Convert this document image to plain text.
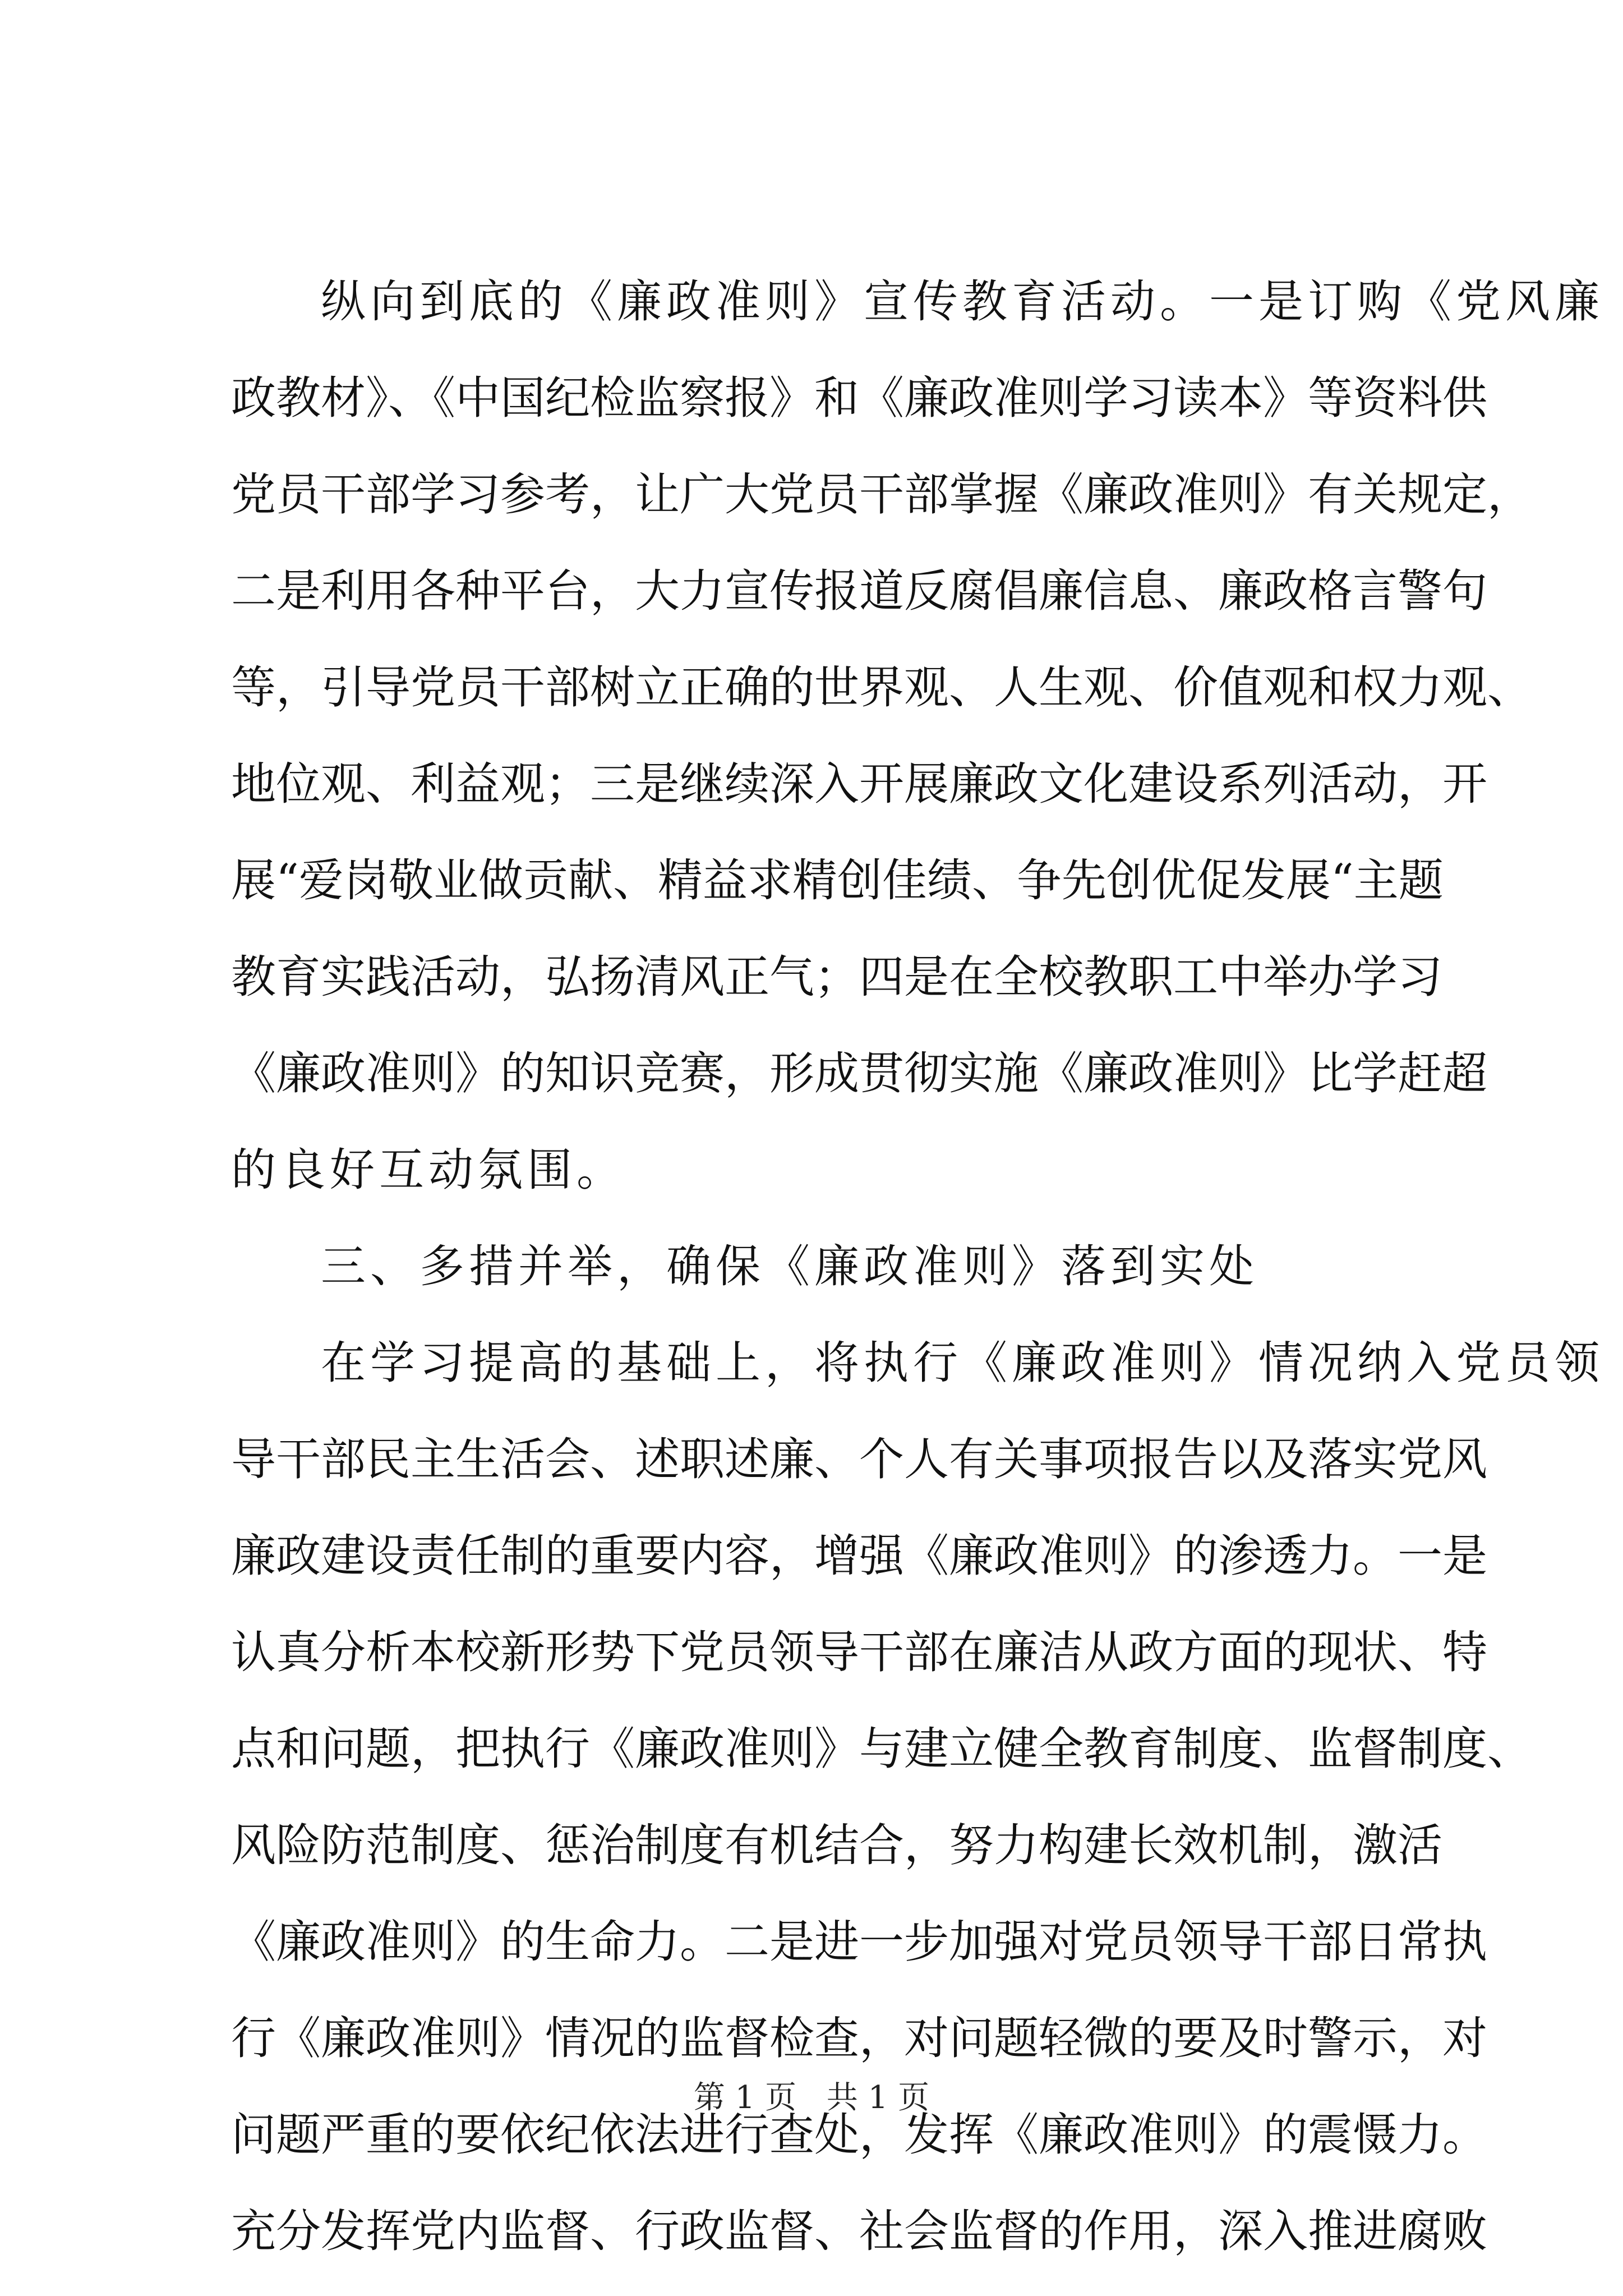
纵向到底的《廉政准则》宣传教育活动。一是订购《党风廉
政教材》、《中国纪检监察报》和《廉政准则学习读本》等资料供
党员干部学习参考，让广大党员干部掌握《廉政准则》有关规定，
二是利用各种平台，大力宣传报道反腐倡廉信息、廉政格言警句
等，引导党员干部树立正确的世界观、人生观、价值观和权力观、
地位观、利益观；三是继续深入开展廉政文化建设系列活动，开
展“爱岗敬业做贡献、精益求精创佳绩、争先创优促发展“主题
教育实践活动，弘扬清风正气；四是在全校教职工中举办学习
《廉政准则》的知识竞赛，形成贯彻实施《廉政准则》比学赶超
的良好互动氛围。
三、多措并举，确保《廉政准则》落到实处
在学习提高的基础上，将执行《廉政准则》情况纳入党员领
导干部民主生活会、述职述廉、个人有关事项报告以及落实党风
廉政建设责任制的重要内容，增强《廉政准则》的渗透力。一是
认真分析本校新形势下党员领导干部在廉洁从政方面的现状、特
点和问题，把执行《廉政准则》与建立健全教育制度、监督制度、
风险防范制度、惩治制度有机结合，努力构建长效机制，激活
《廉政准则》的生命力。二是进一步加强对党员领导干部日常执
行《廉政准则》情况的监督检查，对问题轻微的要及时警示，对
问题严重的要依纪依法进行查处，发挥《廉政准则》的震慑力。
充分发挥党内监督、行政监督、社会监督的作用，深入推进腐败
第 1 页 共 1 页
